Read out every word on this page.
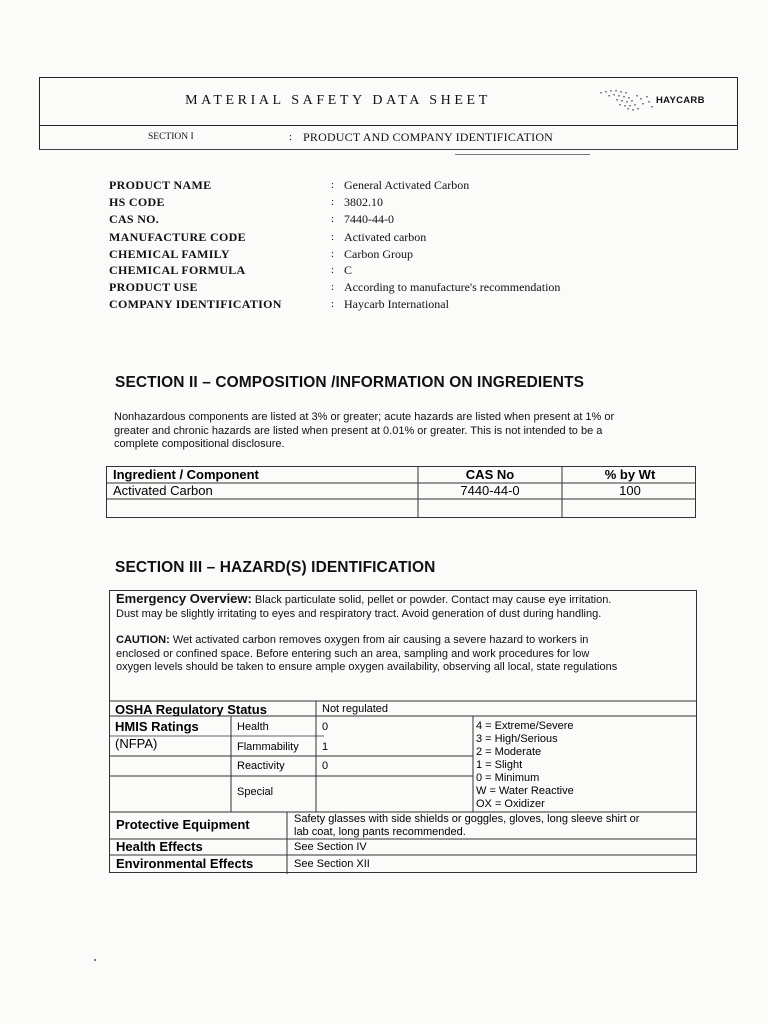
MATERIAL SAFETY DATA SHEET	HAYCARB
SECTION I	: PRODUCT AND COMPANY IDENTIFICATION
PRODUCT NAME	: General Activated Carbon
HS CODE	: 3802.10
CAS NO.	: 7440-44-0
MANUFACTURE CODE	: Activated carbon
CHEMICAL FAMILY	: Carbon Group
CHEMICAL FORMULA	: C
PRODUCT USE	: According to manufacture's recommendation
COMPANY IDENTIFICATION	: Haycarb International
SECTION II – COMPOSITION /INFORMATION ON INGREDIENTS
Nonhazardous components are listed at 3% or greater; acute hazards are listed when present at 1% or
greater and chronic hazards are listed when present at 0.01% or greater. This is not intended to be a
complete compositional disclosure.
Ingredient / Component	CAS No	% by Wt
Activated Carbon	7440-44-0	100
SECTION III – HAZARD(S) IDENTIFICATION
Emergency Overview: Black particulate solid, pellet or powder. Contact may cause eye irritation.
Dust may be slightly irritating to eyes and respiratory tract. Avoid generation of dust during handling.
CAUTION: Wet activated carbon removes oxygen from air causing a severe hazard to workers in
enclosed or confined space. Before entering such an area, sampling and work procedures for low
oxygen levels should be taken to ensure ample oxygen availability, observing all local, state regulations
OSHA Regulatory Status	Not regulated
HMIS Ratings
(NFPA)
Health	0
Flammability 1
Reactivity	0
Special
4 = Extreme/Severe
3 = High/Serious
2 = Moderate
1 = Slight
0 = Minimum
W = Water Reactive
OX = Oxidizer
Protective Equipment	Safety glasses with side shields or goggles, gloves, long sleeve shirt or
lab coat, long pants recommended.
Health Effects	See Section IV
Environmental Effects	See Section XII
